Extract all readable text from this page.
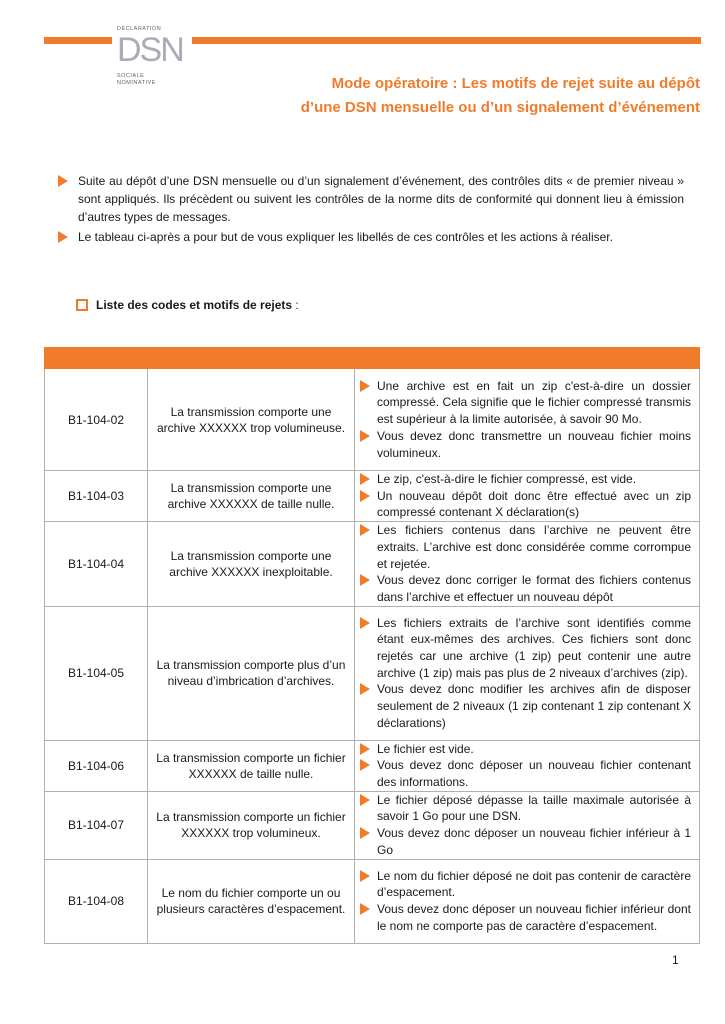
DÉCLARATION
DSN
SOCIALE
NOMINATIVE	Mode opératoire : Les motifs de rejet suite au dépôt
d’une DSN mensuelle ou d’un signalement d’événement
Suite au dépôt d’une DSN mensuelle ou d’un signalement d’événement, des contrôles dits « de premier niveau » sont appliqués. Ils précèdent ou suivent les contrôles de la norme dits de conformité qui donnent lieu à émission d’autres types de messages.
Le tableau ci-après a pour but de vous expliquer les libellés de ces contrôles et les actions à réaliser.
Liste des codes et motifs de rejets :

B1-104-02	La transmission comporte une archive XXXXXX trop volumineuse.	Une archive est en fait un zip c'est-à-dire un dossier compressé. Cela signifie que le fichier compressé transmis est supérieur à la limite autorisée, à savoir 90 Mo.
Vous devez donc transmettre un nouveau fichier moins volumineux.

B1-104-03	La transmission comporte une archive XXXXXX de taille nulle.	Le zip, c'est-à-dire le fichier compressé, est vide.
Un nouveau dépôt doit donc être effectué avec un zip compressé contenant X déclaration(s)

B1-104-04	La transmission comporte une archive XXXXXX inexploitable.	Les fichiers contenus dans l’archive ne peuvent être extraits. L’archive est donc considérée comme corrompue et rejetée.
Vous devez donc corriger le format des fichiers contenus dans l’archive et effectuer un nouveau dépôt

B1-104-05	La transmission comporte plus d’un niveau d’imbrication d’archives.	Les fichiers extraits de l’archive sont identifiés comme étant eux-mêmes des archives. Ces fichiers sont donc rejetés car une archive (1 zip) peut contenir une autre archive (1 zip) mais pas plus de 2 niveaux d’archives (zip).
Vous devez donc modifier les archives afin de disposer seulement de 2 niveaux (1 zip contenant 1 zip contenant X déclarations)

B1-104-06	La transmission comporte un fichier XXXXXX de taille nulle.	Le fichier est vide.
Vous devez donc déposer un nouveau fichier contenant des informations.

B1-104-07	La transmission comporte un fichier XXXXXX trop volumineux.	Le fichier déposé dépasse la taille maximale autorisée à savoir 1 Go pour une DSN.
Vous devez donc déposer un nouveau fichier inférieur à 1 Go

B1-104-08	Le nom du fichier comporte un ou plusieurs caractères d’espacement.	Le nom du fichier déposé ne doit pas contenir de caractère d’espacement.
Vous devez donc déposer un nouveau fichier inférieur dont le nom ne comporte pas de caractère d’espacement.
1
